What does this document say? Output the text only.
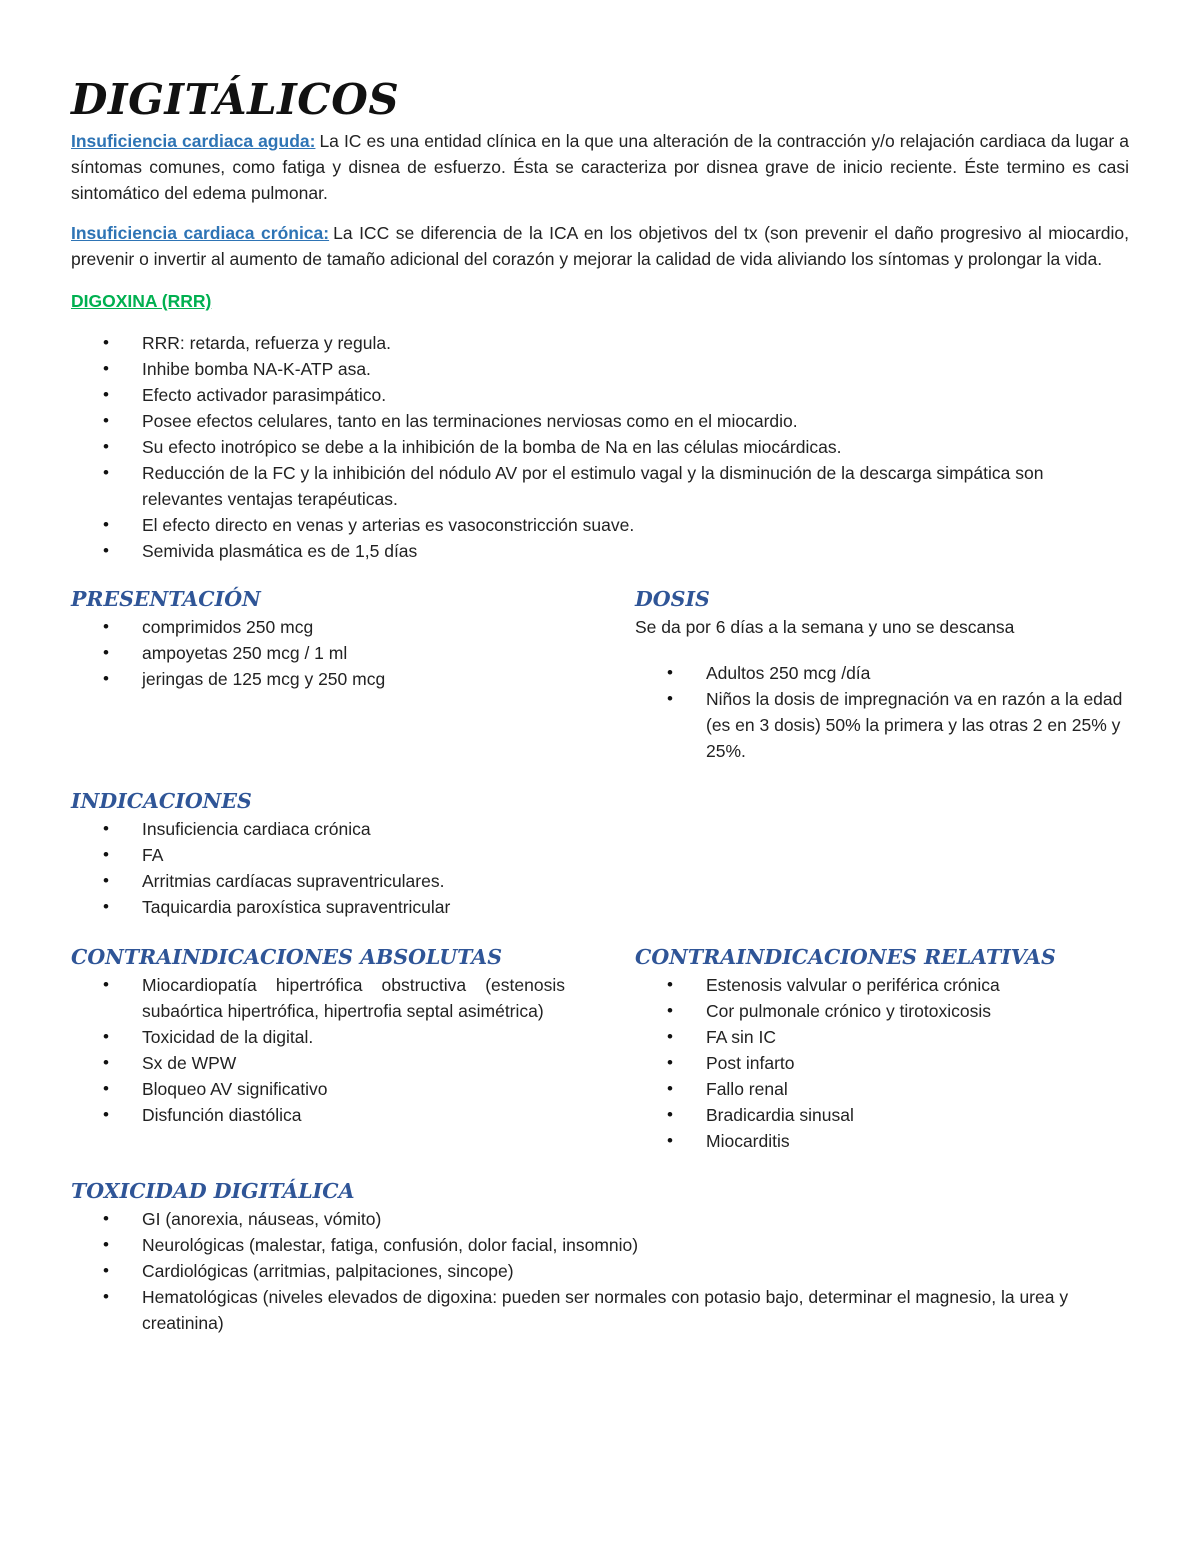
DIGITÁLICOS

Insuficiencia cardiaca aguda: La IC es una entidad clínica en la que una alteración de la contracción y/o relajación cardiaca da lugar a síntomas comunes, como fatiga y disnea de esfuerzo. Ésta se caracteriza por disnea grave de inicio reciente. Éste termino es casi sintomático del edema pulmonar.

Insuficiencia cardiaca crónica: La ICC se diferencia de la ICA en los objetivos del tx (son prevenir el daño progresivo al miocardio, prevenir o invertir al aumento de tamaño adicional del corazón y mejorar la calidad de vida aliviando los síntomas y prolongar la vida.

DIGOXINA (RRR)

• RRR: retarda, refuerza y regula.
• Inhibe bomba NA-K-ATP asa.
• Efecto activador parasimpático.
• Posee efectos celulares, tanto en las terminaciones nerviosas como en el miocardio.
• Su efecto inotrópico se debe a la inhibición de la bomba de Na en las células miocárdicas.
• Reducción de la FC y la inhibición del nódulo AV por el estimulo vagal y la disminución de la descarga simpática son relevantes ventajas terapéuticas.
• El efecto directo en venas y arterias es vasoconstricción suave.
• Semivida plasmática es de 1,5 días
PRESENTACIÓN
• comprimidos 250 mcg
• ampoyetas 250 mcg / 1 ml
• jeringas de 125 mcg y 250 mcg
DOSIS

Se da por 6 días a la semana y uno se descansa

• Adultos 250 mcg /día
• Niños la dosis de impregnación va en razón a la edad (es en 3 dosis) 50% la primera y las otras 2 en 25% y 25%.
INDICACIONES
• Insuficiencia cardiaca crónica
• FA
• Arritmias cardíacas supraventriculares.
• Taquicardia paroxística supraventricular
CONTRAINDICACIONES ABSOLUTAS
• Miocardiopatía hipertrófica obstructiva (estenosis subaórtica hipertrófica, hipertrofia septal asimétrica)
• Toxicidad de la digital.
• Sx de WPW
• Bloqueo AV significativo
• Disfunción diastólica
CONTRAINDICACIONES RELATIVAS
• Estenosis valvular o periférica crónica
• Cor pulmonale crónico y tirotoxicosis
• FA sin IC
• Post infarto
• Fallo renal
• Bradicardia sinusal
• Miocarditis
TOXICIDAD DIGITÁLICA
• GI (anorexia, náuseas, vómito)
• Neurológicas (malestar, fatiga, confusión, dolor facial, insomnio)
• Cardiológicas (arritmias, palpitaciones, sincope)
• Hematológicas (niveles elevados de digoxina: pueden ser normales con potasio bajo, determinar el magnesio, la urea y creatinina)
